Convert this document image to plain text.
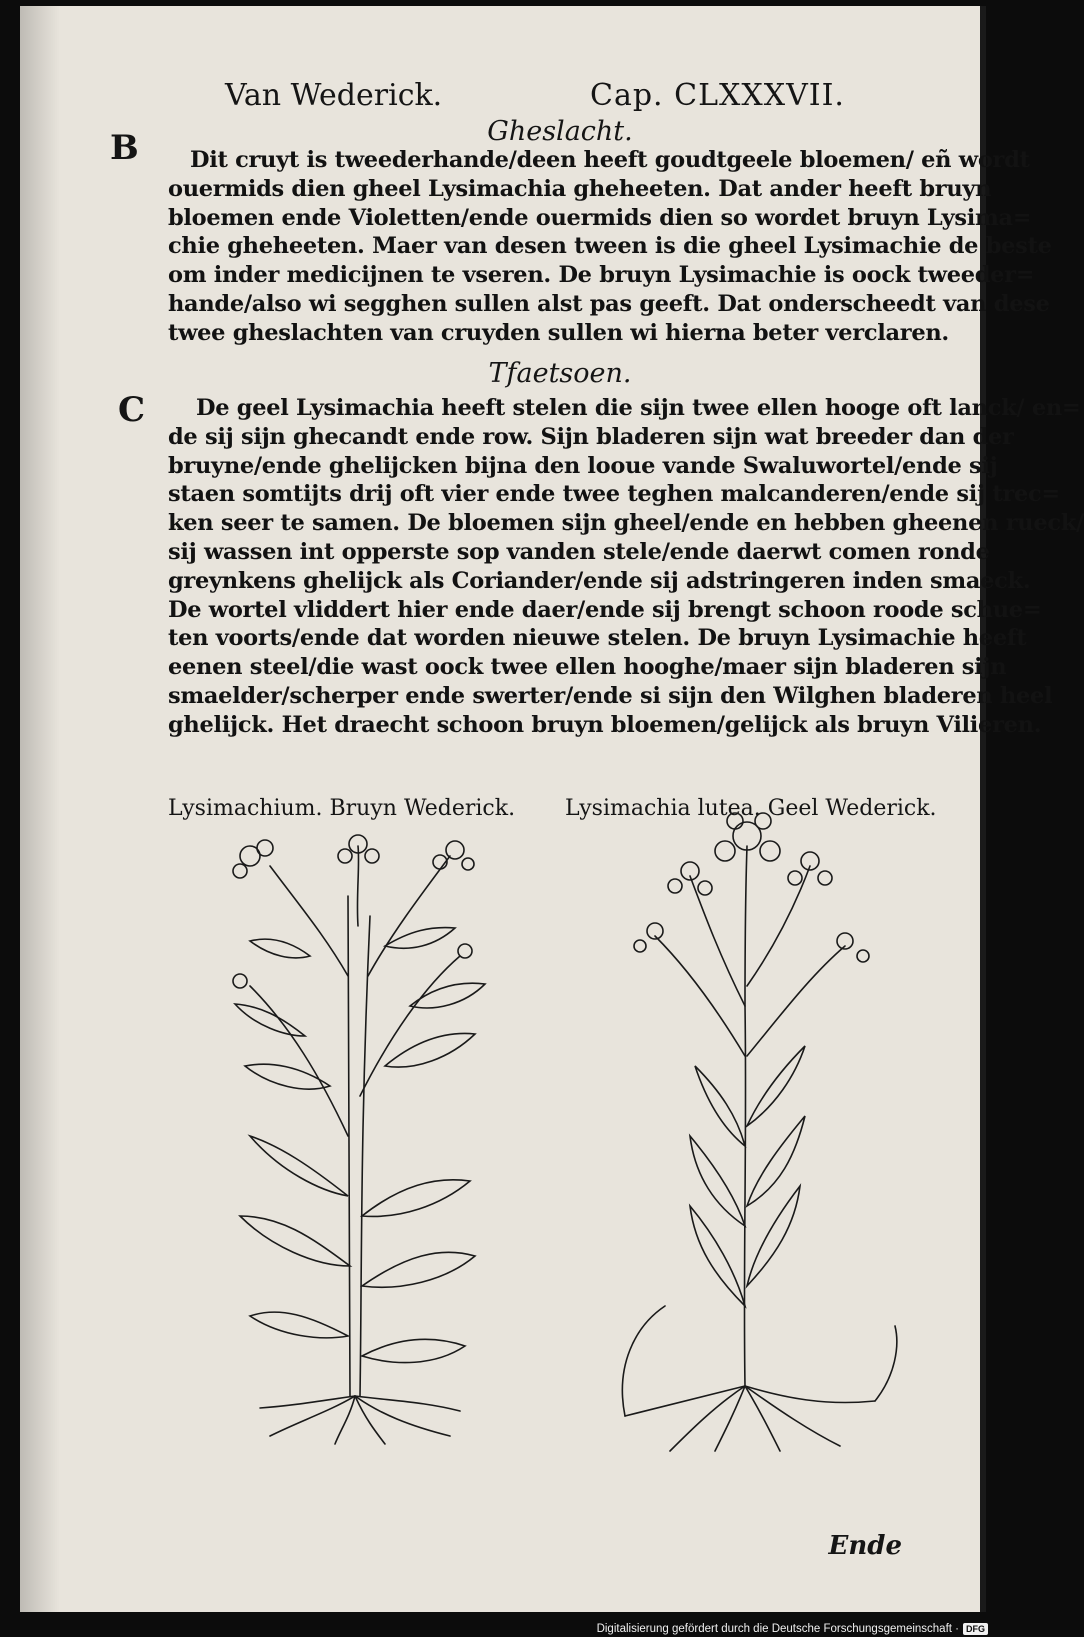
Van Wederick.	Cap. CLXXXVII.
B	Gheslacht.

Dit cruyt is tweederhande/deen heeft goudtgeele bloemen/ eñ wordt
ouermids dien gheel Lysimachia gheheeten. Dat ander heeft bruyn
bloemen ende Violetten/ende ouermids dien so wordet bruyn Lysima=
chie gheheeten. Maer van desen tween is die gheel Lysimachie de beste
om inder medicijnen te vseren. De bruyn Lysimachie is oock tweeder=
hande/also wi segghen sullen alst pas geeft. Dat onderscheedt van dese
twee gheslachten van cruyden sullen wi hierna beter verclaren.

Tfaetsoen.
C	De geel Lysimachia heeft stelen die sijn twee ellen hooge oft lanck/ en=
de sij sijn ghecandt ende row. Sijn bladeren sijn wat breeder dan der
bruyne/ende ghelijcken bijna den looue vande Swaluwortel/ende sij
staen somtijts drij oft vier ende twee teghen malcanderen/ende sij trec=
ken seer te samen. De bloemen sijn gheel/ende en hebben gheenen rueck/
sij wassen int opperste sop vanden stele/ende daerwt comen ronde
greynkens ghelijck als Coriander/ende sij adstringeren inden smaeck.
De wortel vliddert hier ende daer/ende sij brengt schoon roode schue=
ten voorts/ende dat worden nieuwe stelen. De bruyn Lysimachie heeft
eenen steel/die wast oock twee ellen hooghe/maer sijn bladeren sijn
smaelder/scherper ende swerter/ende si sijn den Wilghen bladeren heel
ghelijck. Het draecht schoon bruyn bloemen/gelijck als bruyn Vilieren.

Lysimachium. Bruyn Wederick. Lysimachia lutea. Geel Wederick.
Ende
Digitalisierung gefördert durch die Deutsche Forschungsgemeinschaft · DFG
